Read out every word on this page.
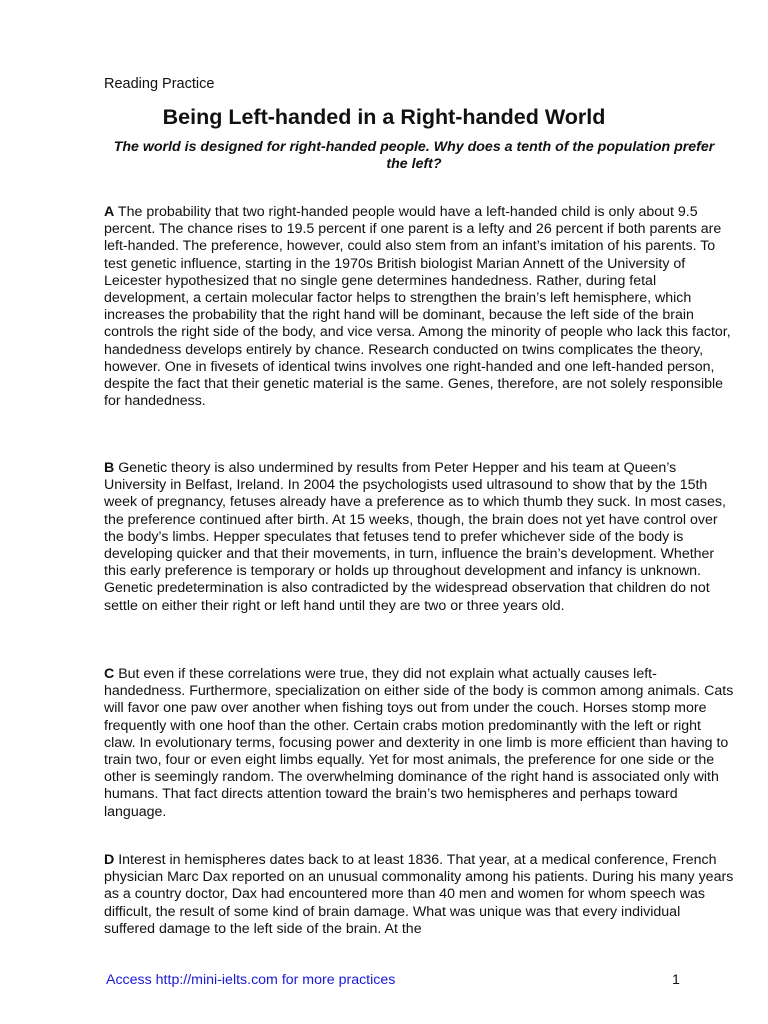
Reading Practice
Being Left-handed in a Right-handed World

The world is designed for right-handed people. Why does a tenth of the population prefer the left?

A The probability that two right-handed people would have a left-handed child is only about 9.5 percent. The chance rises to 19.5 percent if one parent is a lefty and 26 percent if both parents are left-handed. The preference, however, could also stem from an infant’s imitation of his parents. To test genetic influence, starting in the 1970s British biologist Marian Annett of the University of Leicester hypothesized that no single gene determines handedness. Rather, during fetal development, a certain molecular factor helps to strengthen the brain’s left hemisphere, which increases the probability that the right hand will be dominant, because the left side of the brain controls the right side of the body, and vice versa. Among the minority of people who lack this factor, handedness develops entirely by chance. Research conducted on twins complicates the theory, however. One in fivesets of identical twins involves one right-handed and one left-handed person, despite the fact that their genetic material is the same. Genes, therefore, are not solely responsible for handedness.

B Genetic theory is also undermined by results from Peter Hepper and his team at Queen’s University in Belfast, Ireland. In 2004 the psychologists used ultrasound to show that by the 15th week of pregnancy, fetuses already have a preference as to which thumb they suck. In most cases, the preference continued after birth. At 15 weeks, though, the brain does not yet have control over the body’s limbs. Hepper speculates that fetuses tend to prefer whichever side of the body is developing quicker and that their movements, in turn, influence the brain’s development. Whether this early preference is temporary or holds up throughout development and infancy is unknown. Genetic predetermination is also contradicted by the widespread observation that children do not settle on either their right or left hand until they are two or three years old.

C But even if these correlations were true, they did not explain what actually causes left-handedness. Furthermore, specialization on either side of the body is common among animals. Cats will favor one paw over another when fishing toys out from under the couch. Horses stomp more frequently with one hoof than the other. Certain crabs motion predominantly with the left or right claw. In evolutionary terms, focusing power and dexterity in one limb is more efficient than having to train two, four or even eight limbs equally. Yet for most animals, the preference for one side or the other is seemingly random. The overwhelming dominance of the right hand is associated only with humans. That fact directs attention toward the brain’s two hemispheres and perhaps toward language.

D Interest in hemispheres dates back to at least 1836. That year, at a medical conference, French physician Marc Dax reported on an unusual commonality among his patients. During his many years as a country doctor, Dax had encountered more than 40 men and women for whom speech was difficult, the result of some kind of brain damage. What was unique was that every individual suffered damage to the left side of the brain. At the

Access http://mini-ielts.com for more practices	1
